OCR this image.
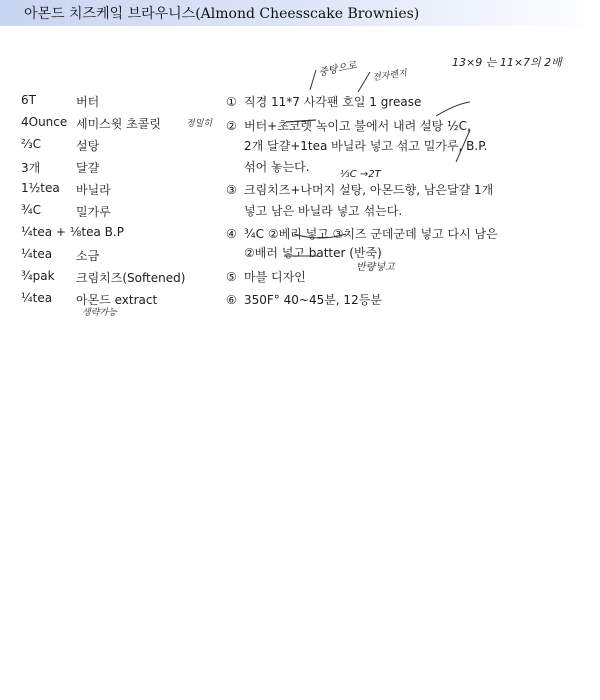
아몬드 치즈케잌 브라우니스(Almond Cheesscake Brownies)
중탕으로 전자렌지
13×9 는 11×7의 2배
6T	버터
4Ounce 세미스윗 초콜릿
⅔C	설탕
3개	달걀
1½tea 바닐라
¾C	밀가루
¼tea + ⅛tea B.P
¼tea 소금
¾pak 크림치즈(Softened)
¼tea 아몬드 extract
생략가능
정밀히
① 직경 11*7 사각팬 호일 1 grease
② 버터+초코렛 녹이고 불에서 내려 설탕 ½C,
2개 달걀+1tea 바닐라 넣고 섞고 밀가루, B.P.
섞어 놓는다.
⅓C →2T
③ 크림치즈+나머지 설탕, 아몬드향, 남은달걀 1개
넣고 남은 바닐라 넣고 섞는다.
④ ¾C ②베리 넣고 ③치즈 군데군데 넣고 다시 남은
②배러 넣고 batter (반죽)
반량넣고
⑤ 마블 디자인
⑥ 350F° 40~45분, 12등분
